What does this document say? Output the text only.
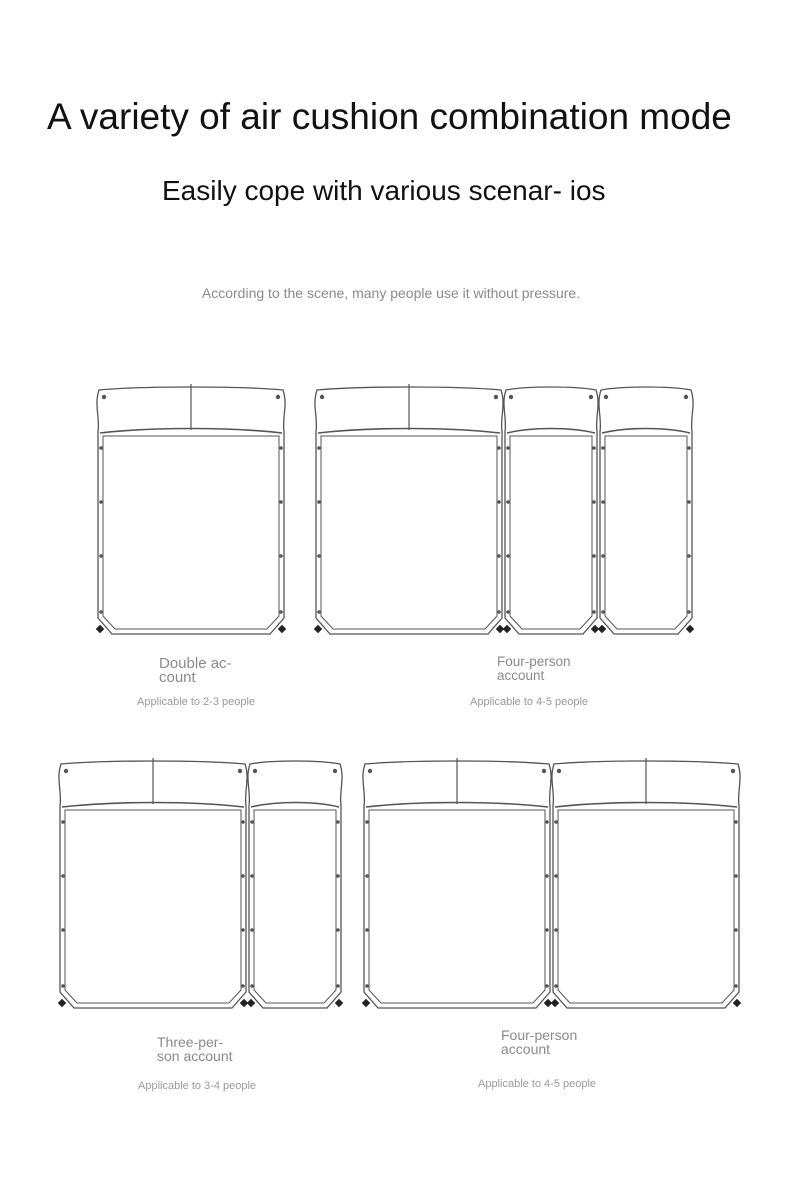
A variety of air cushion combination mode
Easily cope with various scenar- ios
According to the scene, many people use it without pressure.
Double ac-
count
Applicable to 2-3 people
Four-person
account
Applicable to 4-5 people
Three-per-
son account
Applicable to 3-4 people
Four-person
account
Applicable to 4-5 people
